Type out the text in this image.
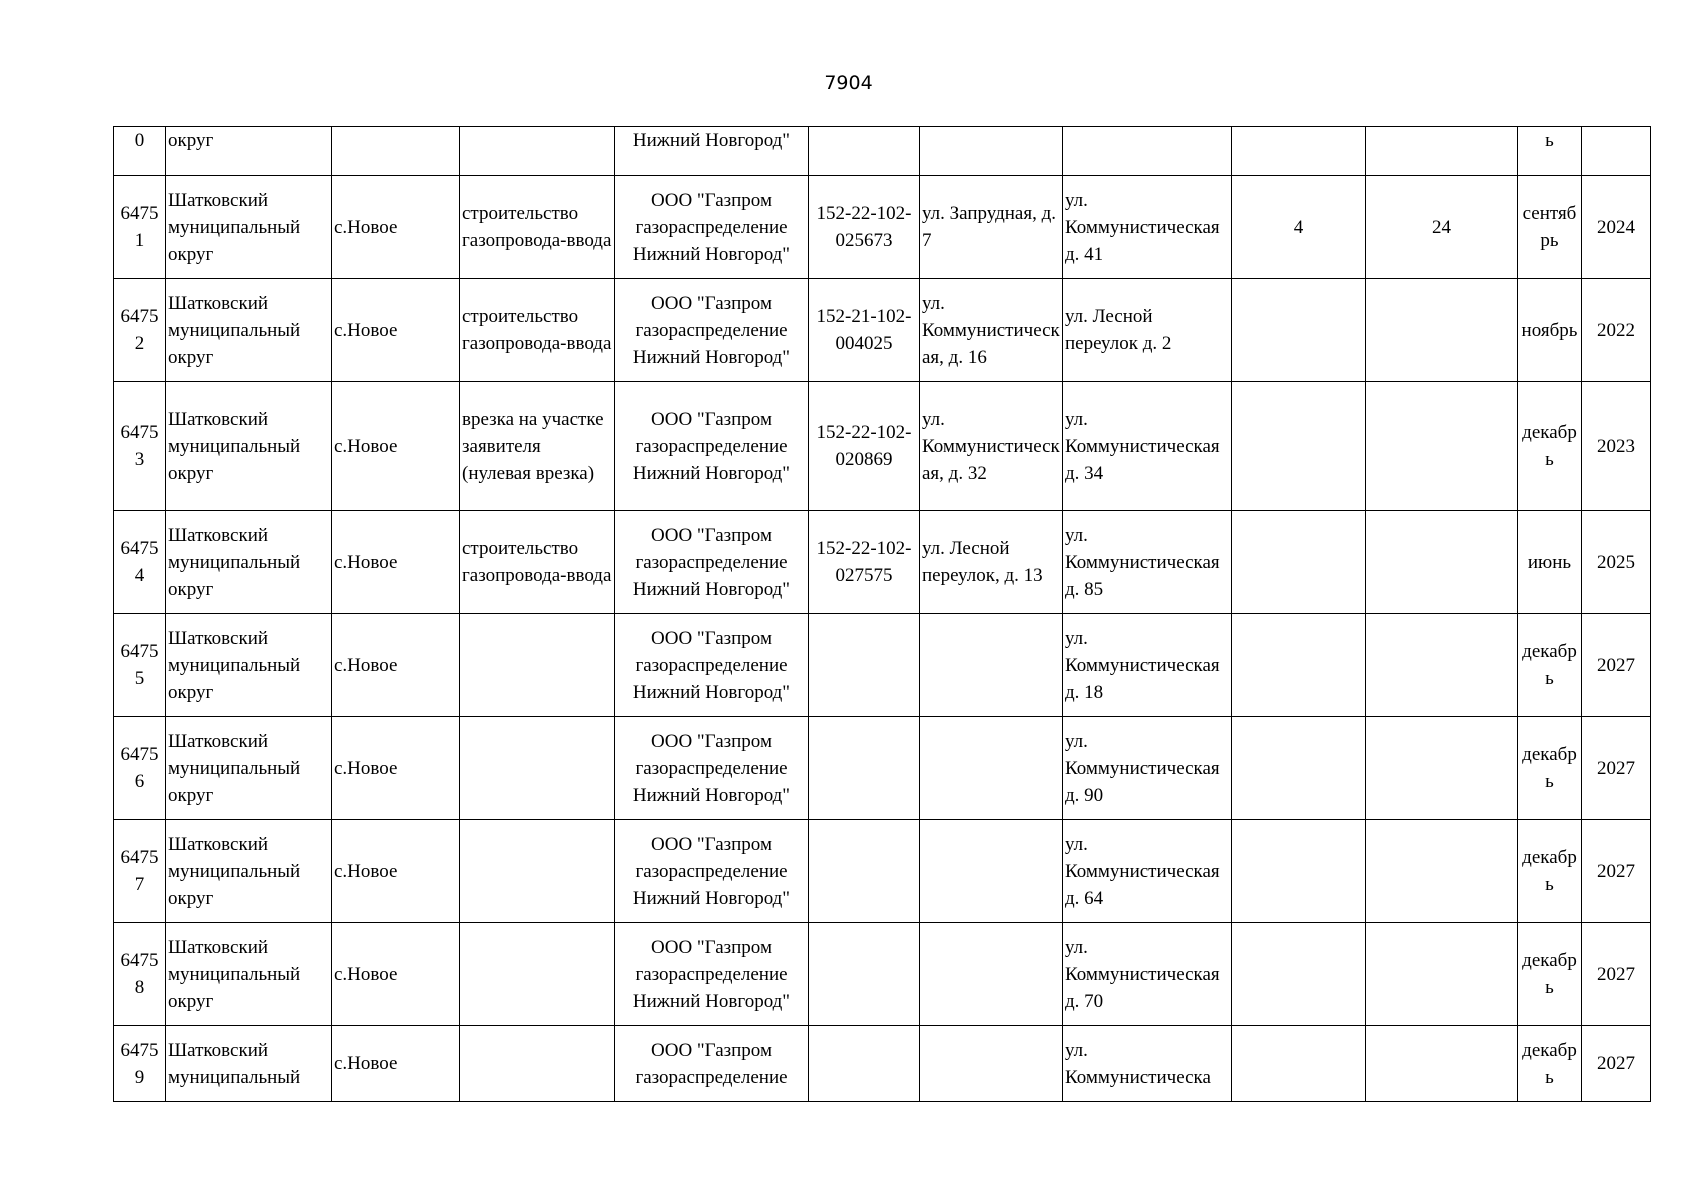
7904
0	округ			Нижний Новгород"						ь	
64751	Шатковский муниципальный округ	с.Новое	строительство газопровода-ввода	ООО "Газпром газораспределение Нижний Новгород"	152-22-102-025673	ул. Запрудная, д. 7	ул. Коммунистическая д. 41	4	24	сентябрь	2024
64752	Шатковский муниципальный округ	с.Новое	строительство газопровода-ввода	ООО "Газпром газораспределение Нижний Новгород"	152-21-102-004025	ул. Коммунистическая, д. 16	ул. Лесной переулок д. 2			ноябрь	2022
64753	Шатковский муниципальный округ	с.Новое	врезка на участке заявителя (нулевая врезка)	ООО "Газпром газораспределение Нижний Новгород"	152-22-102-020869	ул. Коммунистическая, д. 32	ул. Коммунистическая д. 34			декабрь	2023
64754	Шатковский муниципальный округ	с.Новое	строительство газопровода-ввода	ООО "Газпром газораспределение Нижний Новгород"	152-22-102-027575	ул. Лесной переулок, д. 13	ул. Коммунистическая д. 85			июнь	2025
64755	Шатковский муниципальный округ	с.Новое		ООО "Газпром газораспределение Нижний Новгород"			ул. Коммунистическая д. 18			декабрь	2027
64756	Шатковский муниципальный округ	с.Новое		ООО "Газпром газораспределение Нижний Новгород"			ул. Коммунистическая д. 90			декабрь	2027
64757	Шатковский муниципальный округ	с.Новое		ООО "Газпром газораспределение Нижний Новгород"			ул. Коммунистическая д. 64			декабрь	2027
64758	Шатковский муниципальный округ	с.Новое		ООО "Газпром газораспределение Нижний Новгород"			ул. Коммунистическая д. 70			декабрь	2027
64759	Шатковский муниципальный	с.Новое		ООО "Газпром газораспределение			ул. Коммунистическа			декабрь	2027
